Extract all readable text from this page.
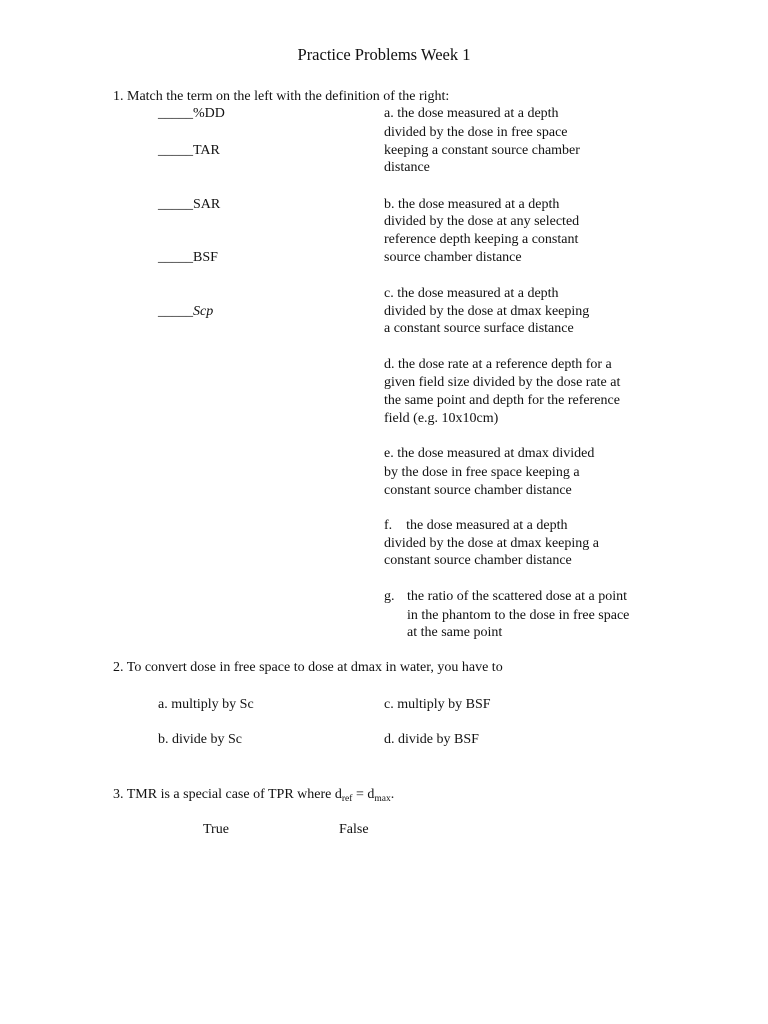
Practice Problems Week 1
1. Match the term on the left with the definition of the right:
_____%DD
_____TAR
_____SAR
_____BSF
_____Scp
a. the dose measured at a depth
divided by the dose in free space
keeping a constant source chamber
distance
b. the dose measured at a depth
divided by the dose at any selected
reference depth keeping a constant
source chamber distance
c. the dose measured at a depth
divided by the dose at dmax keeping
a constant source surface distance
d. the dose rate at a reference depth for a
given field size divided by the dose rate at
the same point and depth for the reference
field (e.g. 10x10cm)
e. the dose measured at dmax divided
by the dose in free space keeping a
constant source chamber distance
f.    the dose measured at a depth
divided by the dose at dmax keeping a
constant source chamber distance
g. the ratio of the scattered dose at a point
in the phantom to the dose in free space
at the same point
2. To convert dose in free space to dose at dmax in water, you have to
a. multiply by Sc	c. multiply by BSF
b. divide by Sc	d. divide by BSF
3. TMR is a special case of TPR where $d_{ref} = d_{max}$.
True	False
